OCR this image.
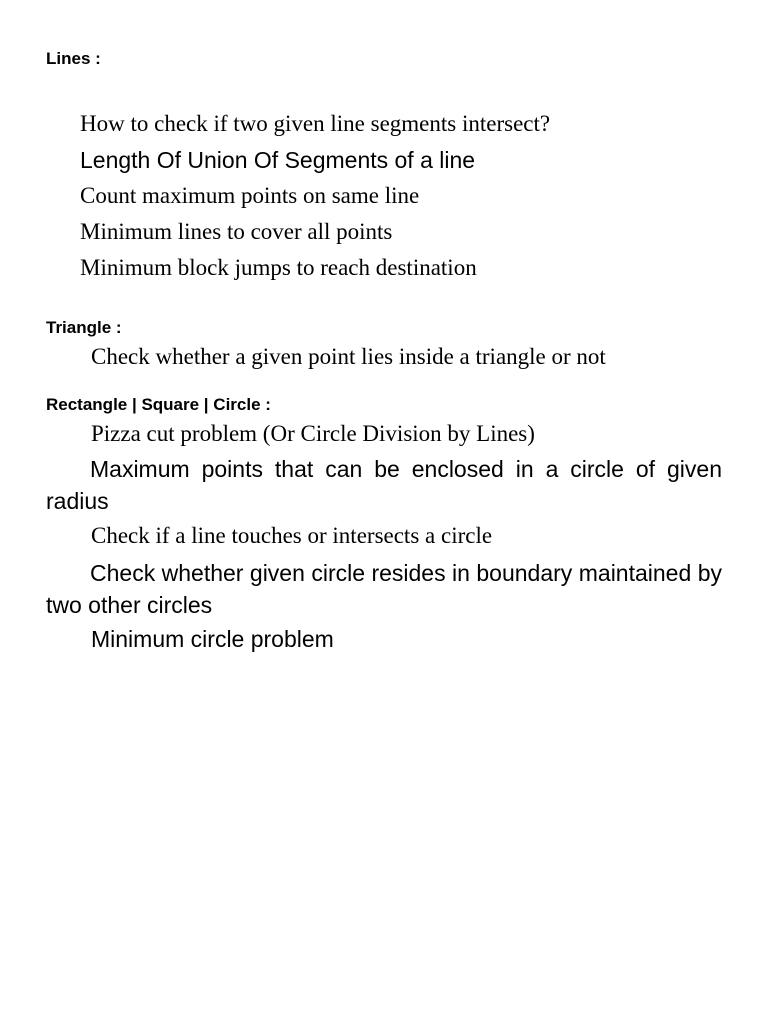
Lines :
How to check if two given line segments intersect?
Length Of Union Of Segments of a line
Count maximum points on same line
Minimum lines to cover all points
Minimum block jumps to reach destination
Triangle :
Check whether a given point lies inside a triangle or not
Rectangle | Square | Circle :
Pizza cut problem (Or Circle Division by Lines)
Maximum points that can be enclosed in a circle of given radius
Check if a line touches or intersects a circle
Check whether given circle resides in boundary maintained by two other circles
Minimum circle problem
